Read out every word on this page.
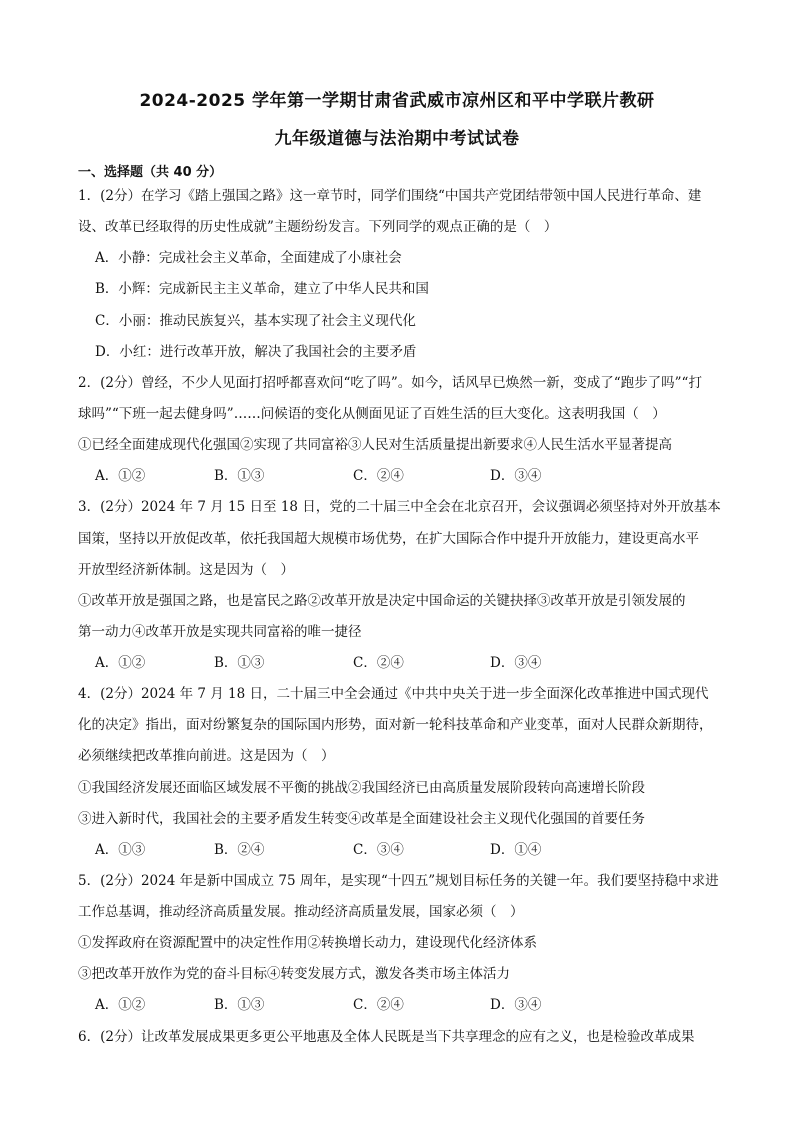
2024-2025 学年第一学期甘肃省武威市凉州区和平中学联片教研
九年级道德与法治期中考试试卷
一、选择题（共 40 分）
1．(2分）在学习《踏上强国之路》这一章节时，同学们围绕“中国共产党团结带领中国人民进行革命、建
设、改革已经取得的历史性成就”主题纷纷发言。下列同学的观点正确的是（　）
A．小静：完成社会主义革命，全面建成了小康社会
B．小辉：完成新民主主义革命，建立了中华人民共和国
C．小丽：推动民族复兴，基本实现了社会主义现代化
D．小红：进行改革开放，解决了我国社会的主要矛盾
2．(2分）曾经，不少人见面打招呼都喜欢问“吃了吗”。如今，话风早已焕然一新，变成了“跑步了吗”“打
球吗”“下班一起去健身吗”……问候语的变化从侧面见证了百姓生活的巨大变化。这表明我国（　）
①已经全面建成现代化强国②实现了共同富裕③人民对生活质量提出新要求④人民生活水平显著提高
A．①②	B．①③	C．②④	D．③④
3．(2分）2024 年 7 月 15 日至 18 日，党的二十届三中全会在北京召开，会议强调必须坚持对外开放基本
国策，坚持以开放促改革，依托我国超大规模市场优势，在扩大国际合作中提升开放能力，建设更高水平
开放型经济新体制。这是因为（　）
①改革开放是强国之路，也是富民之路②改革开放是决定中国命运的关键抉择③改革开放是引领发展的
第一动力④改革开放是实现共同富裕的唯一捷径
A．①②	B．①③	C．②④	D．③④
4．(2分）2024 年 7 月 18 日，二十届三中全会通过《中共中央关于进一步全面深化改革推进中国式现代
化的决定》指出，面对纷繁复杂的国际国内形势，面对新一轮科技革命和产业变革，面对人民群众新期待，
必须继续把改革推向前进。这是因为（　）
①我国经济发展还面临区域发展不平衡的挑战②我国经济已由高质量发展阶段转向高速增长阶段
③进入新时代，我国社会的主要矛盾发生转变④改革是全面建设社会主义现代化强国的首要任务
A．①③	B．②④	C．③④	D．①④
5．(2分）2024 年是新中国成立 75 周年，是实现“十四五”规划目标任务的关键一年。我们要坚持稳中求进
工作总基调，推动经济高质量发展。推动经济高质量发展，国家必须（　）
①发挥政府在资源配置中的决定性作用②转换增长动力，建设现代化经济体系
③把改革开放作为党的奋斗目标④转变发展方式，激发各类市场主体活力
A．①②	B．①③	C．②④	D．③④
6．(2分）让改革发展成果更多更公平地惠及全体人民既是当下共享理念的应有之义，也是检验改革成果
